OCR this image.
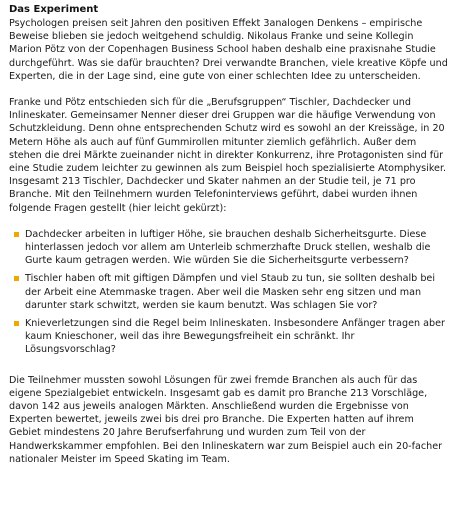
Das Experiment

Psychologen preisen seit Jahren den positiven Effekt 3analogen Denkens – empirische Beweise blieben sie jedoch weitgehend schuldig. Nikolaus Franke und seine Kollegin Marion Pötz von der Copenhagen Business School haben deshalb eine praxisnahe Studie durchgeführt. Was sie dafür brauchten? Drei verwandte Branchen, viele kreative Köpfe und Experten, die in der Lage sind, eine gute von einer schlechten Idee zu unterscheiden.

Franke und Pötz entschieden sich für die „Berufsgruppen“ Tischler, Dachdecker und Inlineskater. Gemeinsamer Nenner dieser drei Gruppen war die häufige Verwendung von Schutzkleidung. Denn ohne entsprechenden Schutz wird es sowohl an der Kreissäge, in 20 Metern Höhe als auch auf fünf Gummirollen mitunter ziemlich gefährlich. Außer dem stehen die drei Märkte zueinander nicht in direkter Konkurrenz, ihre Protagonisten sind für eine Studie zudem leichter zu gewinnen als zum Beispiel hoch spezialisierte Atomphysiker. Insgesamt 213 Tischler, Dachdecker und Skater nahmen an der Studie teil, je 71 pro Branche. Mit den Teilnehmern wurden Telefoninterviews geführt, dabei wurden ihnen folgende Fragen gestellt (hier leicht gekürzt):

Dachdecker arbeiten in luftiger Höhe, sie brauchen deshalb Sicherheitsgurte. Diese hinterlassen jedoch vor allem am Unterleib schmerzhafte Druck stellen, weshalb die Gurte kaum getragen werden. Wie würden Sie die Sicherheitsgurte verbessern?
Tischler haben oft mit giftigen Dämpfen und viel Staub zu tun, sie sollten deshalb bei der Arbeit eine Atemmaske tragen. Aber weil die Masken sehr eng sitzen und man darunter stark schwitzt, werden sie kaum benutzt. Was schlagen Sie vor?
Knieverletzungen sind die Regel beim Inlineskaten. Insbesondere Anfänger tragen aber kaum Knieschoner, weil das ihre Bewegungsfreiheit ein schränkt. Ihr Lösungsvorschlag?

Die Teilnehmer mussten sowohl Lösungen für zwei fremde Branchen als auch für das eigene Spezialgebiet entwickeln. Insgesamt gab es damit pro Branche 213 Vorschläge, davon 142 aus jeweils analogen Märkten. Anschließend wurden die Ergebnisse von Experten bewertet, jeweils zwei bis drei pro Branche. Die Experten hatten auf ihrem Gebiet mindestens 20 Jahre Berufserfahrung und wurden zum Teil von der Handwerkskammer empfohlen. Bei den Inlineskatern war zum Beispiel auch ein 20-facher nationaler Meister im Speed Skating im Team.
